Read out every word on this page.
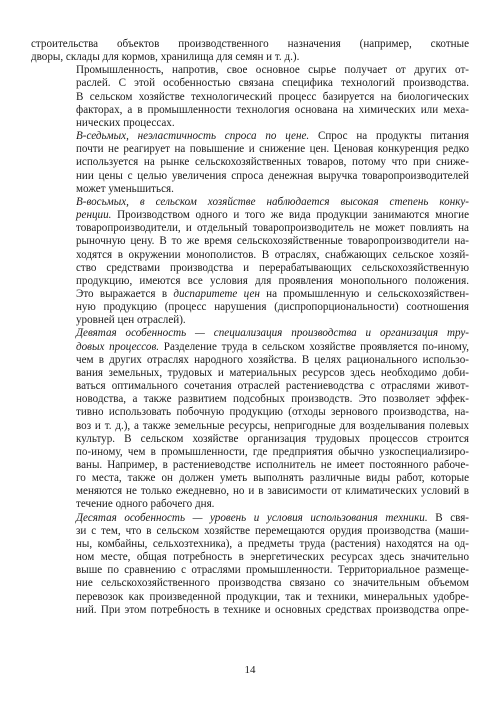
строительства объектов производственного назначения (например, скотные
дворы, склады для кормов, хранилища для семян и т. д.).

Промышленность, напротив, свое основное сырье получает от других от-
раслей. С этой особенностью связана специфика технологий производства.
В сельском хозяйстве технологический процесс базируется на биологических
факторах, а в промышленности технология основана на химических или меха-
нических процессах.

В-седьмых, неэластичность спроса по цене. Спрос на продукты питания
почти не реагирует на повышение и снижение цен. Ценовая конкуренция редко
используется на рынке сельскохозяйственных товаров, потому что при сниже-
нии цены с целью увеличения спроса денежная выручка товаропроизводителей
может уменьшиться.

В-восьмых, в сельском хозяйстве наблюдается высокая степень конку-
ренции. Производством одного и того же вида продукции занимаются многие
товаропроизводители, и отдельный товаропроизводитель не может повлиять на
рыночную цену. В то же время сельскохозяйственные товаропроизводители на-
ходятся в окружении монополистов. В отраслях, снабжающих сельское хозяй-
ство средствами производства и перерабатывающих сельскохозяйственную
продукцию, имеются все условия для проявления монопольного положения.
Это выражается в диспаритете цен на промышленную и сельскохозяйствен-
ную продукцию (процесс нарушения (диспропорциональности) соотношения
уровней цен отраслей).

Девятая особенность — специализация производства и организация тру-
довых процессов. Разделение труда в сельском хозяйстве проявляется по-иному,
чем в других отраслях народного хозяйства. В целях рационального использо-
вания земельных, трудовых и материальных ресурсов здесь необходимо доби-
ваться оптимального сочетания отраслей растениеводства с отраслями живот-
новодства, а также развитием подсобных производств. Это позволяет эффек-
тивно использовать побочную продукцию (отходы зернового производства, на-
воз и т. д.), а также земельные ресурсы, непригодные для возделывания полевых
культур. В сельском хозяйстве организация трудовых процессов строится
по-иному, чем в промышленности, где предприятия обычно узкоспециализиро-
ваны. Например, в растениеводстве исполнитель не имеет постоянного рабоче-
го места, также он должен уметь выполнять различные виды работ, которые
меняются не только ежедневно, но и в зависимости от климатических условий в
течение одного рабочего дня.

Десятая особенность — уровень и условия использования техники. В свя-
зи с тем, что в сельском хозяйстве перемещаются орудия производства (маши-
ны, комбайны, сельхозтехника), а предметы труда (растения) находятся на од-
ном месте, общая потребность в энергетических ресурсах здесь значительно
выше по сравнению с отраслями промышленности. Территориальное размеще-
ние сельскохозяйственного производства связано со значительным объемом
перевозок как произведенной продукции, так и техники, минеральных удобре-
ний. При этом потребность в технике и основных средствах производства опре-

14
